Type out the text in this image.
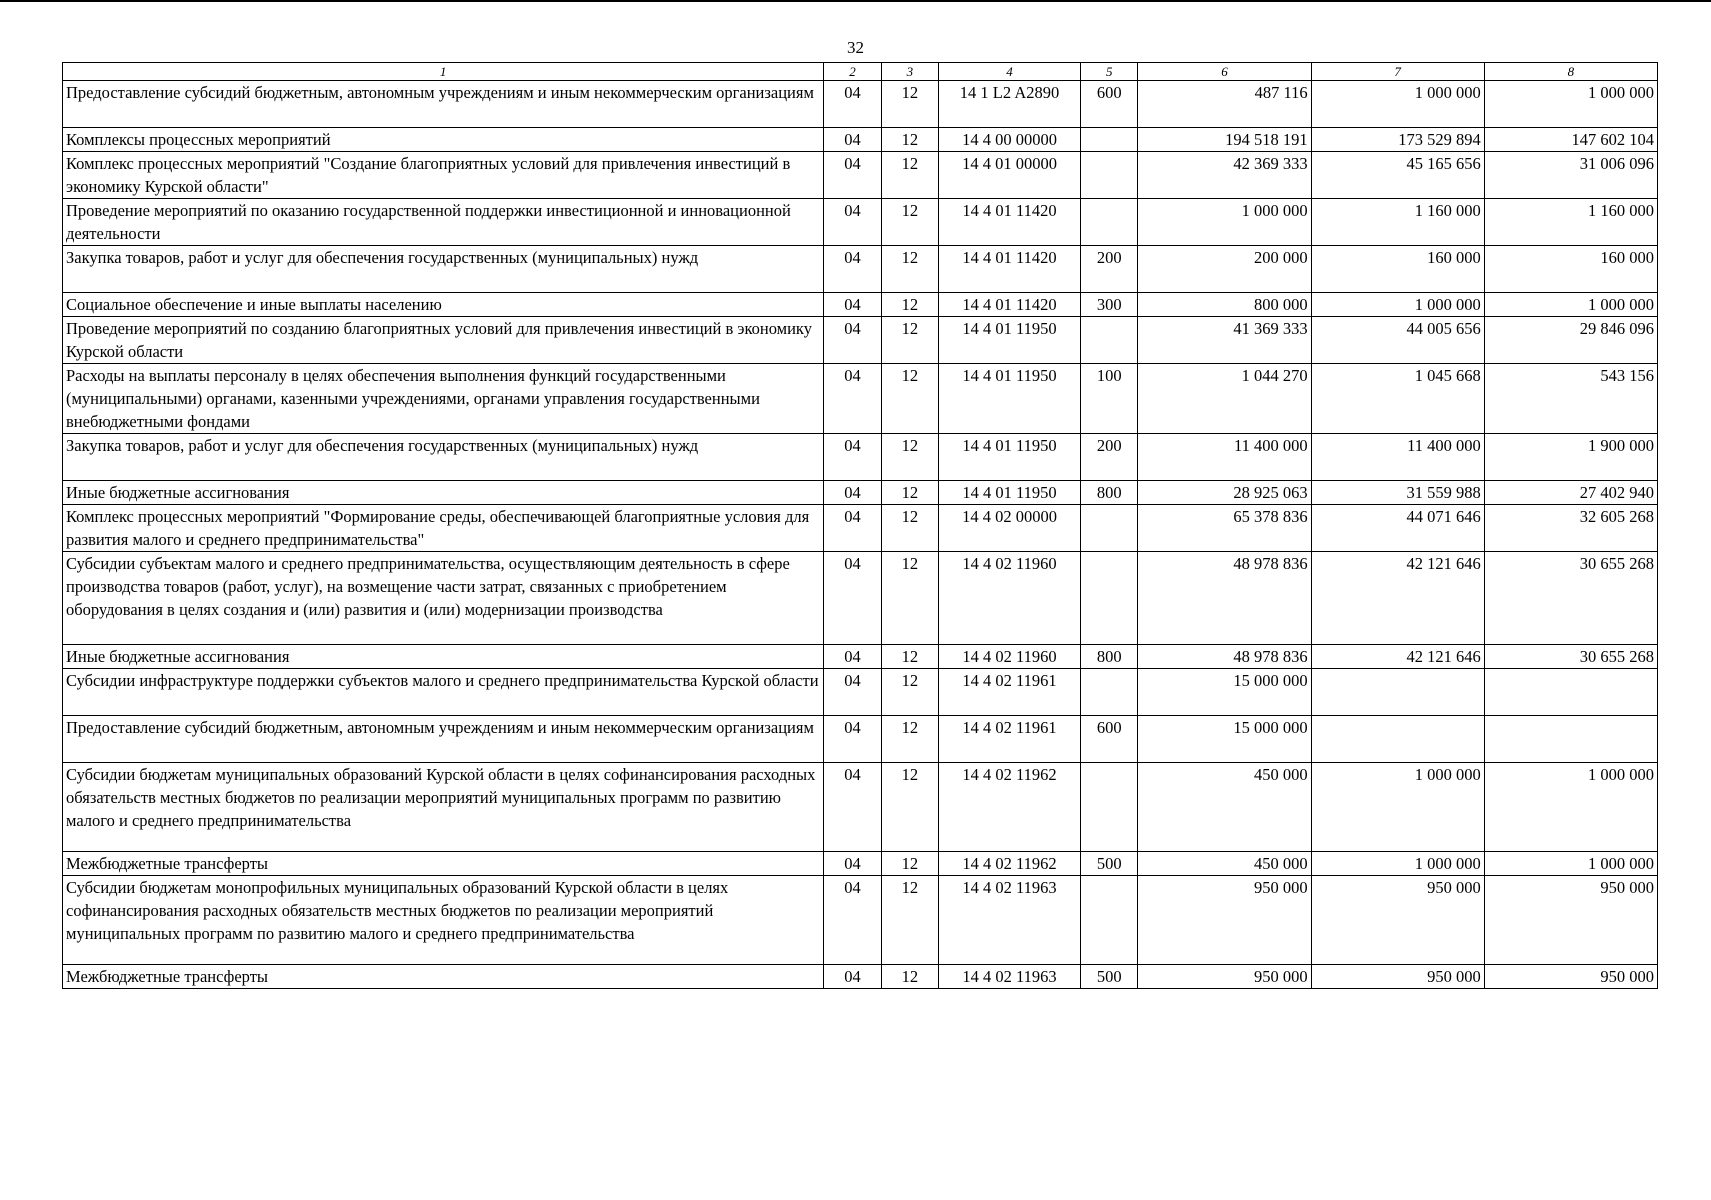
32
1	2	3	4	5	6	7	8
Предоставление субсидий бюджетным, автономным учреждениям и иным некоммерческим организациям	04	12	14 1 L2 A2890	600	487 116	1 000 000	1 000 000
Комплексы процессных мероприятий	04	12	14 4 00 00000		194 518 191	173 529 894	147 602 104
Комплекс процессных мероприятий "Создание благоприятных условий для привлечения инвестиций в экономику Курской области"	04	12	14 4 01 00000		42 369 333	45 165 656	31 006 096
Проведение мероприятий по оказанию государственной поддержки инвестиционной и инновационной деятельности	04	12	14 4 01 11420		1 000 000	1 160 000	1 160 000
Закупка товаров, работ и услуг для обеспечения государственных (муниципальных) нужд	04	12	14 4 01 11420	200	200 000	160 000	160 000
Социальное обеспечение и иные выплаты населению	04	12	14 4 01 11420	300	800 000	1 000 000	1 000 000
Проведение мероприятий по созданию благоприятных условий для привлечения инвестиций в экономику Курской области	04	12	14 4 01 11950		41 369 333	44 005 656	29 846 096
Расходы на выплаты персоналу в целях обеспечения выполнения функций государственными (муниципальными) органами, казенными учреждениями, органами управления государственными внебюджетными фондами	04	12	14 4 01 11950	100	1 044 270	1 045 668	543 156
Закупка товаров, работ и услуг для обеспечения государственных (муниципальных) нужд	04	12	14 4 01 11950	200	11 400 000	11 400 000	1 900 000
Иные бюджетные ассигнования	04	12	14 4 01 11950	800	28 925 063	31 559 988	27 402 940
Комплекс процессных мероприятий "Формирование среды, обеспечивающей благоприятные условия для развития малого и среднего предпринимательства"	04	12	14 4 02 00000		65 378 836	44 071 646	32 605 268
Субсидии субъектам малого и среднего предпринимательства, осуществляющим деятельность в сфере производства товаров (работ, услуг), на возмещение части затрат, связанных с приобретением оборудования в целях создания и (или) развития и (или) модернизации производства	04	12	14 4 02 11960		48 978 836	42 121 646	30 655 268
Иные бюджетные ассигнования	04	12	14 4 02 11960	800	48 978 836	42 121 646	30 655 268
Субсидии инфраструктуре поддержки субъектов малого и среднего предпринимательства Курской области	04	12	14 4 02 11961		15 000 000		
Предоставление субсидий бюджетным, автономным учреждениям и иным некоммерческим организациям	04	12	14 4 02 11961	600	15 000 000		
Субсидии бюджетам муниципальных образований Курской области в целях софинансирования расходных обязательств местных бюджетов по реализации мероприятий муниципальных программ по развитию малого и среднего предпринимательства	04	12	14 4 02 11962		450 000	1 000 000	1 000 000
Межбюджетные трансферты	04	12	14 4 02 11962	500	450 000	1 000 000	1 000 000
Субсидии бюджетам монопрофильных муниципальных образований Курской области в целях софинансирования расходных обязательств местных бюджетов по реализации мероприятий муниципальных программ по развитию малого и среднего предпринимательства	04	12	14 4 02 11963		950 000	950 000	950 000
Межбюджетные трансферты	04	12	14 4 02 11963	500	950 000	950 000	950 000
